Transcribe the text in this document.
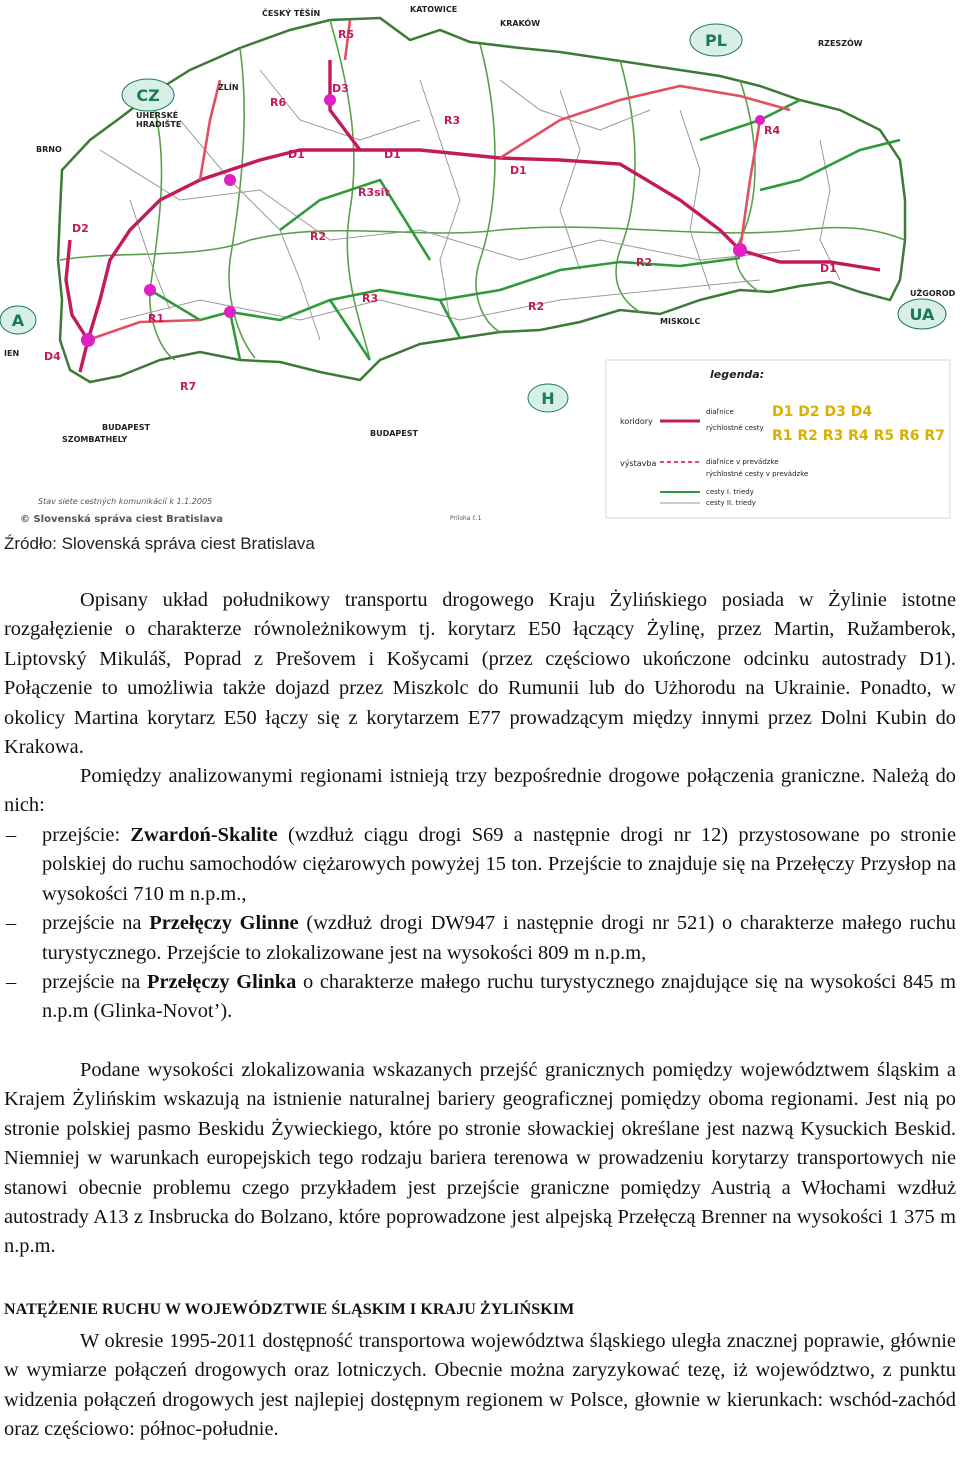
CZ
PL
A
H
UA
ČESKÝ TĚŠÍN	KATOWICE
KRAKÓW
RZESZÓW
ZLÍN
UHERSKÉ
HRADIŠTE
BRNO
UŽGOROD
MISKOLC
BUDAPEST
BUDAPEST
SZOMBATHELY
IEN
R5
D3
R6
R3
R4
D1	D1
D1
D1
R1
D2
R2
R2
R7
D4
R3
R3sit
R2
legenda:
koridory
diaľnice
rýchlostné cesty
D1 D2 D3 D4
R1 R2 R3 R4 R5 R6 R7
výstavba	diaľnice v prevádzke
rýchlostné cesty v prevádzke
cesty I. triedy
cesty II. triedy
Stav siete cestných komunikácií k 1.1.2005
© Slovenská správa ciest Bratislava	Príloha č.1
Źródło: Slovenská správa ciest Bratislava

Opisany układ południkowy transportu drogowego Kraju Żylińskiego posiada w Żylinie istotne rozgałęzienie o charakterze równoleżnikowym tj. korytarz E50 łączący Żylinę, przez Martin, Ružamberok, Liptovský Mikuláš, Poprad z Prešovem i Košycami (przez częściowo ukończone odcinku autostrady D1). Połączenie to umożliwia także dojazd przez Miszkolc do Rumunii lub do Użhorodu na Ukrainie. Ponadto, w okolicy Martina korytarz E50 łączy się z korytarzem E77 prowadzącym między innymi przez Dolni Kubin do Krakowa.

Pomiędzy analizowanymi regionami istnieją trzy bezpośrednie drogowe połączenia graniczne. Należą do nich:

– przejście: Zwardoń-Skalite (wzdłuż ciągu drogi S69 a następnie drogi nr 12) przystosowane po stronie polskiej do ruchu samochodów ciężarowych powyżej 15 ton. Przejście to znajduje się na Przełęczy Przysłop na wysokości 710 m n.p.m.,
– przejście na Przełęczy Glinne (wzdłuż drogi DW947 i następnie drogi nr 521) o charakterze małego ruchu turystycznego. Przejście to zlokalizowane jest na wysokości 809 m n.p.m,
– przejście na Przełęczy Glinka o charakterze małego ruchu turystycznego znajdujące się na wysokości 845 m n.p.m (Glinka-Novot’).

Podane wysokości zlokalizowania wskazanych przejść granicznych pomiędzy województwem śląskim a Krajem Żylińskim wskazują na istnienie naturalnej bariery geograficznej pomiędzy oboma regionami. Jest nią po stronie polskiej pasmo Beskidu Żywieckiego, które po stronie słowackiej określane jest nazwą Kysuckich Beskid. Niemniej w warunkach europejskich tego rodzaju bariera terenowa w prowadzeniu korytarzy transportowych nie stanowi obecnie problemu czego przykładem jest przejście graniczne pomiędzy Austrią a Włochami wzdłuż autostrady A13 z Insbrucka do Bolzano, które poprowadzone jest alpejską Przełęczą Brenner na wysokości 1 375 m n.p.m.

NATĘŻENIE RUCHU W WOJEWÓDZTWIE ŚLĄSKIM I KRAJU ŻYLIŃSKIM

W okresie 1995-2011 dostępność transportowa województwa śląskiego uległa znacznej poprawie, głównie w wymiarze połączeń drogowych oraz lotniczych. Obecnie można zaryzykować tezę, iż województwo, z punktu widzenia połączeń drogowych jest najlepiej dostępnym regionem w Polsce, głownie w kierunkach: wschód-zachód oraz częściowo: północ-południe.
